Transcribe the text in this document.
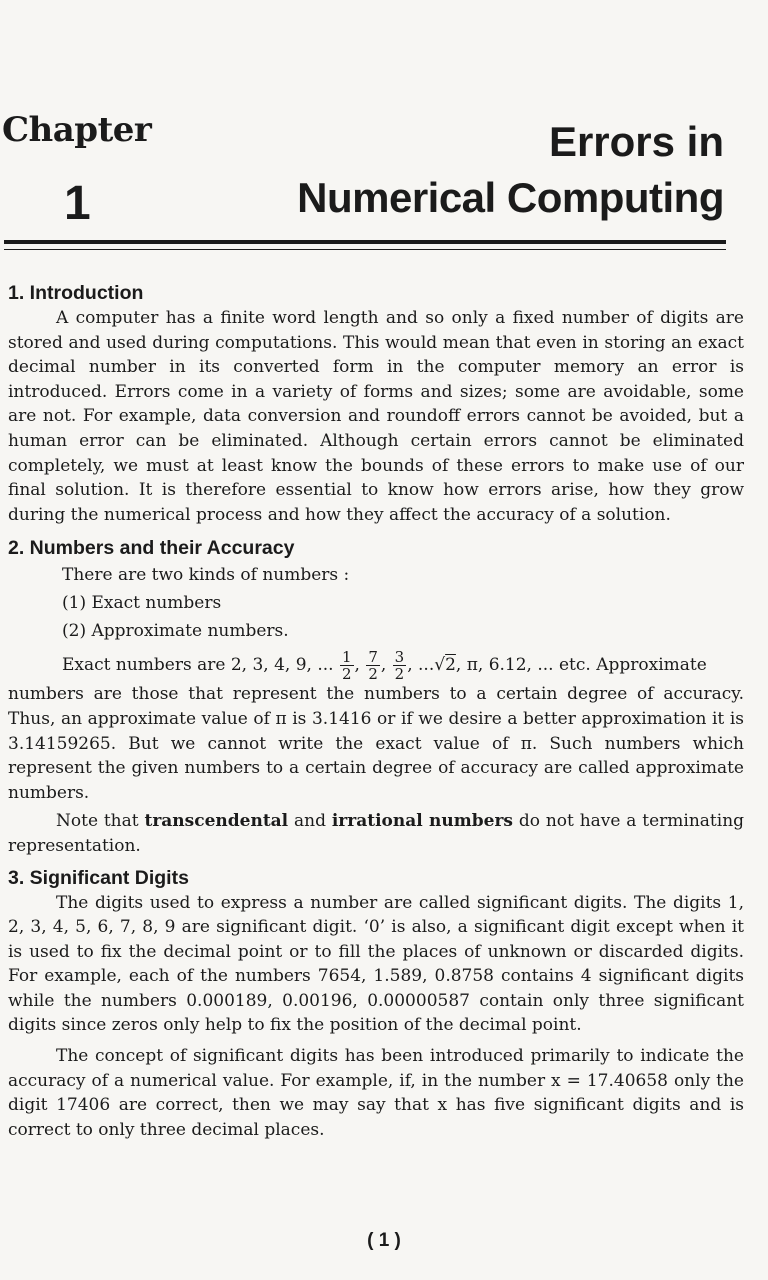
Chapter
1
Errors in
Numerical Computing
1. Introduction

A computer has a finite word length and so only a fixed number of digits are stored and used during computations. This would mean that even in storing an exact decimal number in its converted form in the computer memory an error is introduced. Errors come in a variety of forms and sizes; some are avoidable, some are not. For example, data conversion and roundoff errors cannot be avoided, but a human error can be eliminated. Although certain errors cannot be eliminated completely, we must at least know the bounds of these errors to make use of our final solution. It is therefore essential to know how errors arise, how they grow during the numerical process and how they affect the accuracy of a solution.

2. Numbers and their Accuracy
There are two kinds of numbers :
(1) Exact numbers
(2) Approximate numbers.

Exact numbers are 2, 3, 4, 9, ... $\frac{1}{2}$ , $\frac{7}{2}$ , $\frac{3}{2}$ , ...√2, π, 6.12, ... etc. Approximate

numbers are those that represent the numbers to a certain degree of accuracy. Thus, an approximate value of π is 3.1416 or if we desire a better approximation it is 3.14159265. But we cannot write the exact value of π. Such numbers which represent the given numbers to a certain degree of accuracy are called approximate numbers.

Note that transcendental and irrational numbers do not have a terminating representation.

3. Significant Digits

The digits used to express a number are called significant digits. The digits 1, 2, 3, 4, 5, 6, 7, 8, 9 are significant digit. ‘0’ is also, a significant digit except when it is used to fix the decimal point or to fill the places of unknown or discarded digits. For example, each of the numbers 7654, 1.589, 0.8758 contains 4 significant digits while the numbers 0.000189, 0.00196, 0.00000587 contain only three significant digits since zeros only help to fix the position of the decimal point.

The concept of significant digits has been introduced primarily to indicate the accuracy of a numerical value. For example, if, in the number x = 17.40658 only the digit 17406 are correct, then we may say that x has five significant digits and is correct to only three decimal places.

( 1 )
